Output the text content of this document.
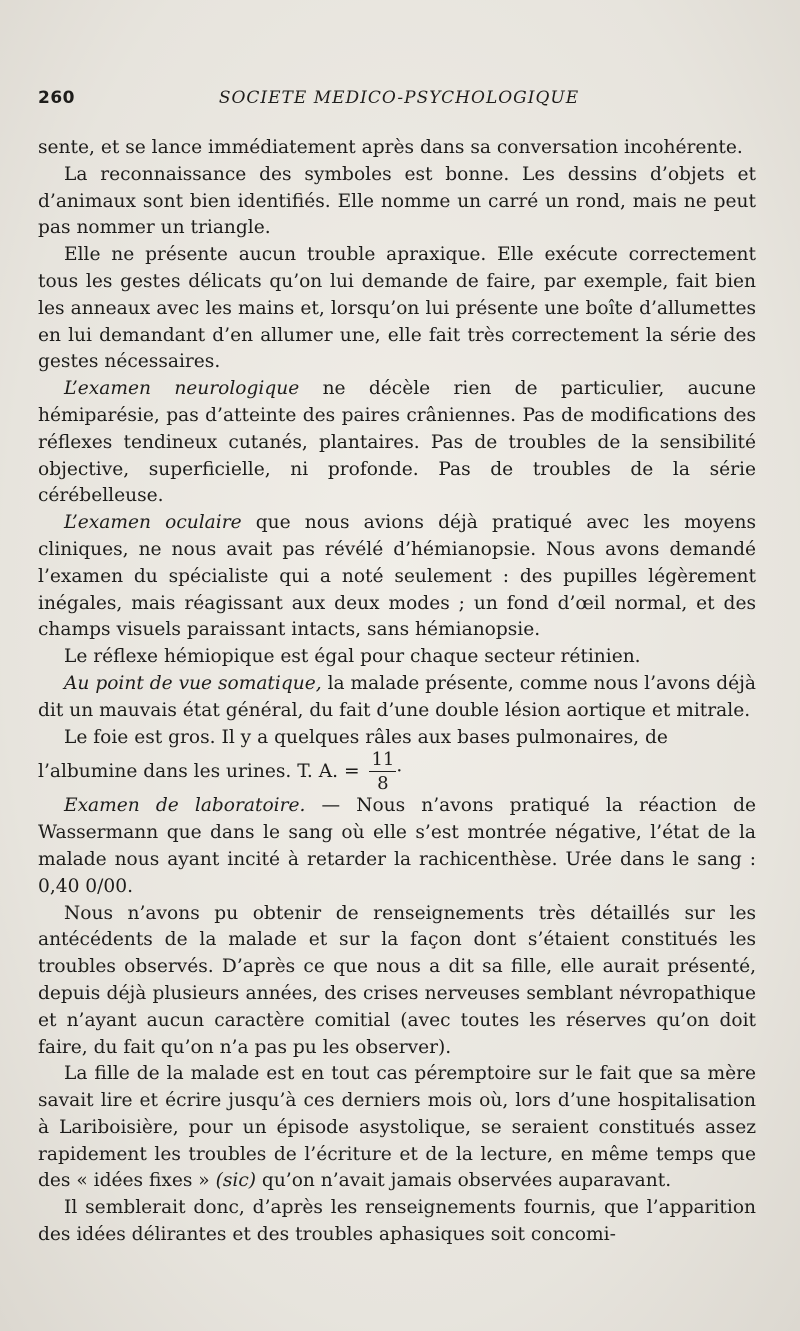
260	SOCIETE MEDICO-PSYCHOLOGIQUE

sente, et se lance immédiatement après dans sa conversation incohérente.

La reconnaissance des symboles est bonne. Les dessins d’objets et d’animaux sont bien identifiés. Elle nomme un carré un rond, mais ne peut pas nommer un triangle.

Elle ne présente aucun trouble apraxique. Elle exécute correctement tous les gestes délicats qu’on lui demande de faire, par exemple, fait bien les anneaux avec les mains et, lorsqu’on lui présente une boîte d’allumettes en lui demandant d’en allumer une, elle fait très correctement la série des gestes nécessaires.

L’examen neurologique ne décèle rien de particulier, aucune hémiparésie, pas d’atteinte des paires crâniennes. Pas de modifications des réflexes tendineux cutanés, plantaires. Pas de troubles de la sensibilité objective, superficielle, ni profonde. Pas de troubles de la série cérébelleuse.

L’examen oculaire que nous avions déjà pratiqué avec les moyens cliniques, ne nous avait pas révélé d’hémianopsie. Nous avons demandé l’examen du spécialiste qui a noté seulement : des pupilles légèrement inégales, mais réagissant aux deux modes ; un fond d’œil normal, et des champs visuels paraissant intacts, sans hémianopsie.

Le réflexe hémiopique est égal pour chaque secteur rétinien.

Au point de vue somatique, la malade présente, comme nous l’avons déjà dit un mauvais état général, du fait d’une double lésion aortique et mitrale.

Le foie est gros. Il y a quelques râles aux bases pulmonaires, de

l’albumine dans les urines. T. A. = $\frac{11}{8}$ ·

Examen de laboratoire. — Nous n’avons pratiqué la réaction de Wassermann que dans le sang où elle s’est montrée négative, l’état de la malade nous ayant incité à retarder la rachicenthèse. Urée dans le sang : 0,40 0/00.

Nous n’avons pu obtenir de renseignements très détaillés sur les antécédents de la malade et sur la façon dont s’étaient constitués les troubles observés. D’après ce que nous a dit sa fille, elle aurait présenté, depuis déjà plusieurs années, des crises nerveuses semblant névropathique et n’ayant aucun caractère comitial (avec toutes les réserves qu’on doit faire, du fait qu’on n’a pas pu les observer).

La fille de la malade est en tout cas péremptoire sur le fait que sa mère savait lire et écrire jusqu’à ces derniers mois où, lors d’une hospitalisation à Lariboisière, pour un épisode asystolique, se seraient constitués assez rapidement les troubles de l’écriture et de la lecture, en même temps que des « idées fixes » (sic) qu’on n’avait jamais observées auparavant.

Il semblerait donc, d’après les renseignements fournis, que l’apparition des idées délirantes et des troubles aphasiques soit concomi-
